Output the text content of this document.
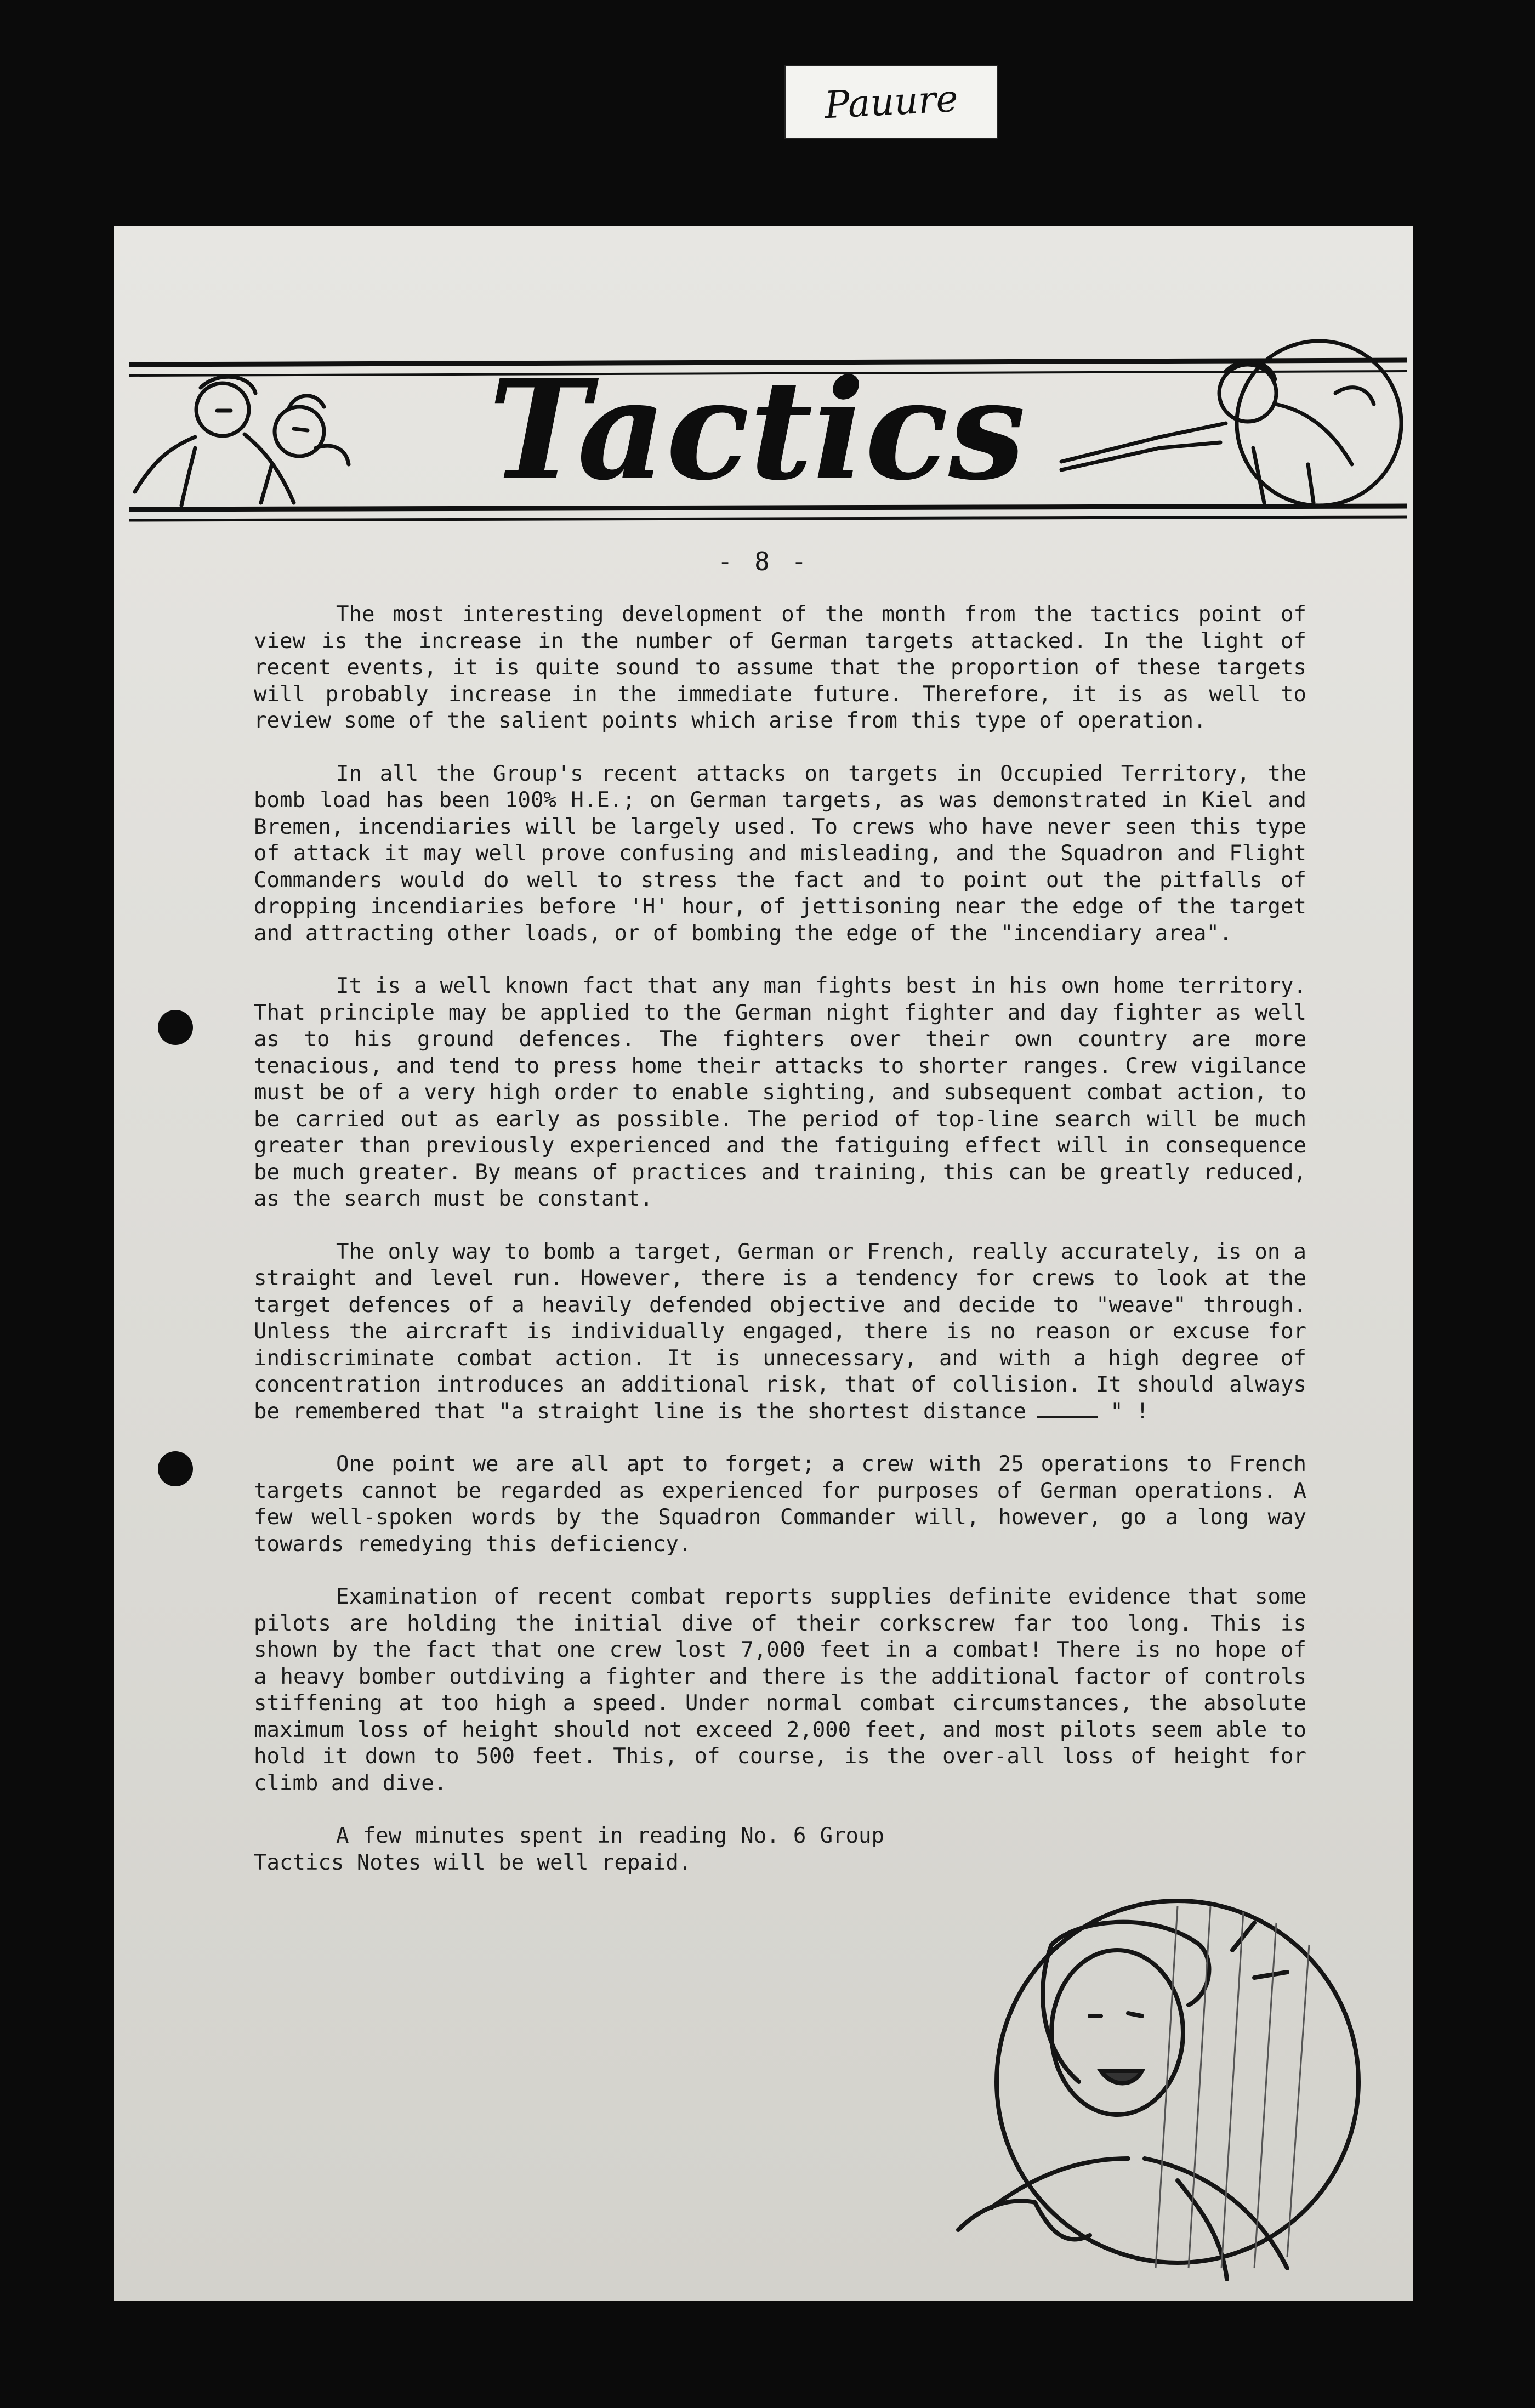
Pauure
Tactics
- 8 -

The most interesting development of the month from the tactics point of view is the increase in the number of German targets attacked. In the light of recent events, it is quite sound to assume that the proportion of these targets will probably increase in the immediate future. Therefore, it is as well to review some of the salient points which arise from this type of operation.

In all the Group's recent attacks on targets in Occupied Territory, the bomb load has been 100% H.E.; on German targets, as was demonstrated in Kiel and Bremen, incendiaries will be largely used. To crews who have never seen this type of attack it may well prove confusing and misleading, and the Squadron and Flight Commanders would do well to stress the fact and to point out the pitfalls of dropping incendiaries before 'H' hour, of jettisoning near the edge of the target and attracting other loads, or of bombing the edge of the "incendiary area".

It is a well known fact that any man fights best in his own home territory. That principle may be applied to the German night fighter and day fighter as well as to his ground defences. The fighters over their own country are more tenacious, and tend to press home their attacks to shorter ranges. Crew vigilance must be of a very high order to enable sighting, and subsequent combat action, to be carried out as early as possible. The period of top-line search will be much greater than previously experienced and the fatiguing effect will in consequence be much greater. By means of practices and training, this can be greatly reduced, as the search must be constant.

The only way to bomb a target, German or French, really accurately, is on a straight and level run. However, there is a tendency for crews to look at the target defences of a heavily defended objective and decide to "weave" through. Unless the aircraft is individually engaged, there is no reason or excuse for indiscriminate combat action. It is unnecessary, and with a high degree of concentration introduces an additional risk, that of collision. It should always be remembered that "a straight line is the shortest distance	" !

One point we are all apt to forget; a crew with 25 operations to French targets cannot be regarded as experienced for purposes of German operations. A few well-spoken words by the Squadron Commander will, however, go a long way towards remedying this deficiency.

Examination of recent combat reports supplies definite evidence that some pilots are holding the initial dive of their corkscrew far too long. This is shown by the fact that one crew lost 7,000 feet in a combat! There is no hope of a heavy bomber outdiving a fighter and there is the additional factor of controls stiffening at too high a speed. Under normal combat circumstances, the absolute maximum loss of height should not exceed 2,000 feet, and most pilots seem able to hold it down to 500 feet. This, of course, is the over-all loss of height for climb and dive.

A few minutes spent in reading No. 6 Group Tactics Notes will be well repaid.
